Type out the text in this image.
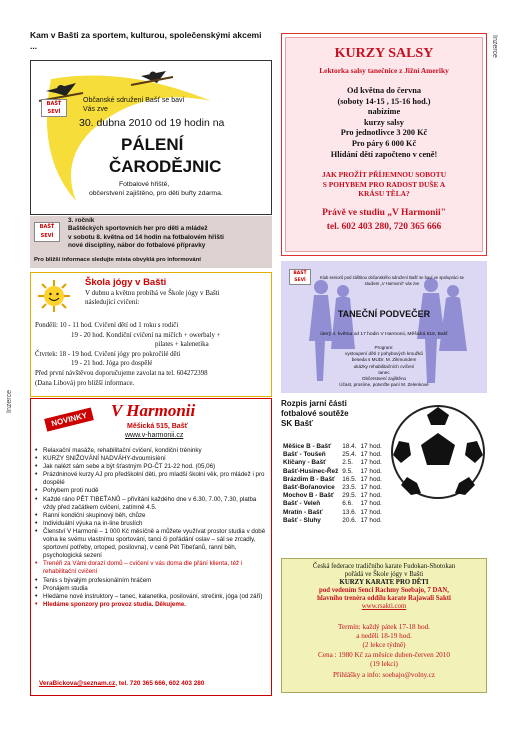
Inzerce
Inzerce
Kam v Bašti za sportem, kulturou, společenskými akcemi ...
BAŠŤ SEVÍ
Občanské sdružení Bašť se baví
Vás zve
30. dubna 2010 od 19 hodin na
PÁLENÍ
ČARODĚJNIC
Fotbalové hřiště,
občerstvení zajištěno, pro děti buřty zdarma.
KURZY SALSY
Lektorka salsy tanečnice z Jižní Ameriky
Od května do června
(soboty 14-15 , 15-16 hod.)
nabízíme
kurzy salsy
Pro jednotlivce 3 200 Kč
Pro páry 6 000 Kč
Hlídání dětí započteno v ceně!
JAK PROŽÍT PŘÍJEMNOU SOBOTU
S POHYBEM PRO RADOST DUŠE A
KRÁSU TĚLA?
Právě ve studiu „V Harmonii"
tel. 602 403 280, 720 365 666
BAŠŤ SEVÍ
3. ročník
Baštěckých sportovních her pro děti a mládež
v sobotu 8. května od 14 hodin na fotbalovém hřišti
nové disciplíny, nábor do fotbalové přípravky
Pro bližší informace sledujte místa obvyklá pro informování
Škola jógy v Bašti
V dubnu a květnu probíhá ve Škole jógy v Bašti
následující cvičení:
Pondělí: 10 - 11 hod. Cvičení dětí od 1 roku s rodiči
19 - 20 hod. Kondiční cvičení na míčích + owerbaly +
pilates + kalenetika
Čtvrtek: 18 - 19 hod. Cvičení jógy pro pokročilé děti
19 - 21 hod. Jóga pro dospělé
Před první návštěvou doporučujeme zavolat na tel. 604272398
(Dana Libová) pro bližší informace.
BAŠŤ SEVÍ
Klub seniorů pod záštitou občanského sdružení Bašť se baví ve spolupráci se studiem „V Harmonii" vás zve
TANEČNÍ PODVEČER
úterý 4. května od 17 hodin V Harmonii, Měšická 515, Bašť
Program:
vystoupení dětí z pohybových kroužků
beseda s MUDr. M. Zikmundem
ukázky rehabilitačních cvičení
tanec
Občerstvení zajištěno
Účast, prosíme, potvrďte paní M. Zelenkové
NOVINKY	V Harmonii
Měšická 515, Bašť
www.v-harmonii.cz
• Relaxační masáže, rehabilitační cvičení, kondiční tréninky
• KURZY SNIŽOVÁNÍ NADVÁHY-dvoumìsíèní
• Jak nalézt sám sebe a být šťastným PO-ČT 21-22 hod. (05,06)
• Prázdninové kurzy AJ pro předškolní děti, pro mladší školní věk, pro mládež i pro dospělé
• Pohybem proti nudě
• Každé ráno PĚT TIBEŤANŮ – přivítání každého dne v 6.30, 7.00, 7.30, platba vždy před začátkem cvičení, zatímně 4.5.
• Ranní kondiční skupinový běh, chůze
• Individuální výuka na in-line bruslích
• Členství V Harmonii – 1 000 Kč měsíčně a můžete využívat prostor studia v době volna ke svému vlastnímu sportování, tanci či pořádání oslav – sál se zrcadly, sportovní potřeby, ortoped, posilovna), v ceně Pět Tibeťanů, ranní běh, psychologická sezení
• Trenéři za Vámi dorazí domů – cvičení v vás doma dle přání klienta, též i rehabilitační cvičení
• Tenis s bývalým profesionálním hráčem
• Pronájem studia
• Hledáme nové instruktory – tanec, kalanetika, posilování, strečink, jóga (od září)
• Hledáme sponzory pro provoz studia. Děkujeme.
VeraBickova@seznam.cz, tel. 720 365 666, 602 403 280
Rozpis jarní části
fotbalové soutěže
SK Bašť
Měšice B - Bašť	18.4.	17 hod.
Bašť - Toušeň	25.4.	17 hod.
Klíčany - Bašť	2.5.	17 hod.
Bašť-Husinec-Řež	9.5.	17 hod.
Brázdim B - Bašť	16.5.	17 hod.
Bašť-Bořanovice	23.5.	17 hod.
Mochov B - Bašť	29.5.	17 hod.
Bašť - Veleň	6.6.	17 hod.
Mratín - Bašť	13.6.	17 hod.
Bašť - Sluhy	20.6.	17 hod.
Česká federace tradičního karate Fudokan-Shotokan
pořádá ve Škole jógy v Bašti
KURZY KARATE PRO DĚTI
pod vedením Senci Rachmy Soebajo, 7 DAN,
hlavního trenéra oddílu karate Rajawali Sakti
www.rsakti.com
Termín: každý pátek 17-18 hod.
a neděli 18-19 hod.
(2 lekce týdně)
Cena : 1980 Kč za měsíce duben-červen 2010
(19 lekcí)
Přihlášky a info: soebajo@volny.cz
